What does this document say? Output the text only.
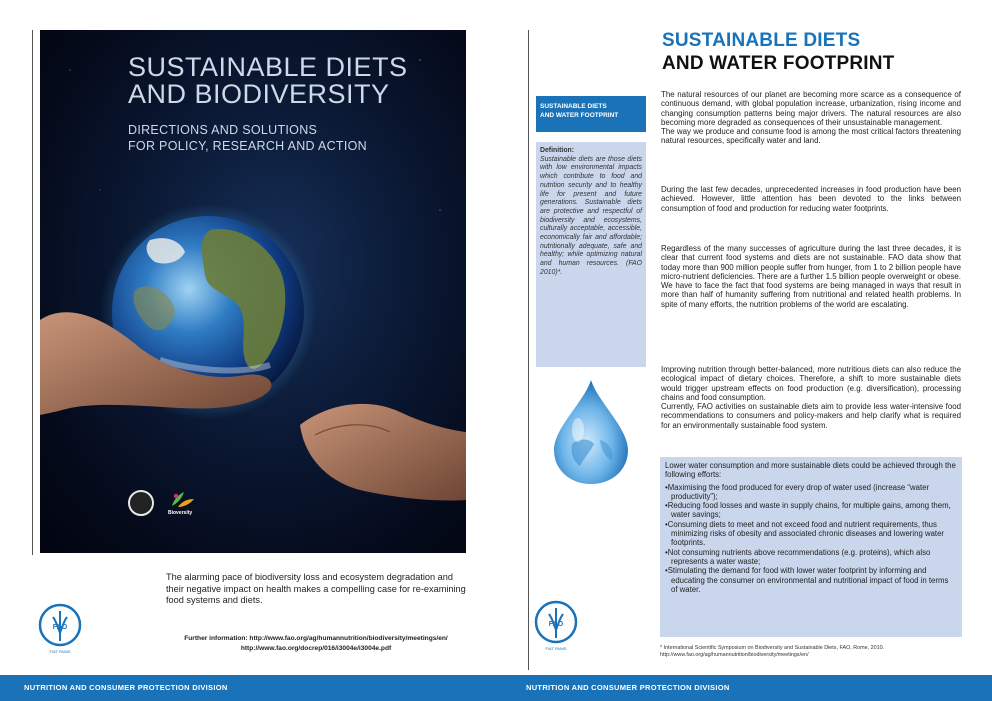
SUSTAINABLE DIETS
AND BIODIVERSITY
DIRECTIONS AND SOLUTIONS
FOR POLICY, RESEARCH AND ACTION
Bioversity
The alarming pace of biodiversity loss and ecosystem degradation and their negative impact on health makes a compelling case for re-examining food systems and diets.
FIAT PANIS
FAO
Further information: http://www.fao.org/ag/humannutrition/biodiversity/meetings/en/
http://www.fao.org/docrep/016/i3004e/i3004e.pdf
NUTRITION AND CONSUMER PROTECTION DIVISION
SUSTAINABLE DIETS
AND WATER FOOTPRINT
SUSTAINABLE DIETS
AND WATER FOOTPRINT
Definition:
Sustainable diets are those diets with low environmental impacts which contribute to food and nutrition security and to healthy life for present and future generations. Sustainable diets are protective and respectful of biodiversity and ecosystems, culturally acceptable, accessible, economically fair and affordable; nutritionally adequate, safe and healthy; while optimizing natural and human resources. (FAO 2010)*.
The natural resources of our planet are becoming more scarce as a consequence of continuous demand, with global population increase, urbanization, rising income and changing consumption patterns being major drivers. The natural resources are also becoming more degraded as consequences of their unsustainable management.
The way we produce and consume food is among the most critical factors threatening natural resources, specifically water and land.
During the last few decades, unprecedented increases in food production have been achieved. However, little attention has been devoted to the links between consumption of food and production for reducing water footprints.
Regardless of the many successes of agriculture during the last three decades, it is clear that current food systems and diets are not sustainable. FAO data show that today more than 900 million people suffer from hunger, from 1 to 2 billion people have micro-nutrient deficiencies. There are a further 1.5 billion people overweight or obese. We have to face the fact that food systems are being managed in ways that result in more than half of humanity suffering from nutritional and related health problems. In spite of many efforts, the nutrition problems of the world are escalating.
Improving nutrition through better-balanced, more nutritious diets can also reduce the ecological impact of dietary choices. Therefore, a shift to more sustainable diets would trigger upstream effects on food production (e.g. diversification), processing chains and food consumption.
Currently, FAO activities on sustainable diets aim to provide less water-intensive food recommendations to consumers and policy-makers and help clarify what is required for an environmentally sustainable food system.
Lower water consumption and more sustainable diets could be achieved through the following efforts:
• Maximising the food produced for every drop of water used (increase “water productivity”);
• Reducing food losses and waste in supply chains, for multiple gains, among them, water savings;
• Consuming diets to meet and not exceed food and nutrient requirements, thus minimizing risks of obesity and associated chronic diseases and lowering water footprints.
• Not consuming nutrients above recommendations (e.g. proteins), which also represents a water waste;
• Stimulating the demand for food with lower water footprint by informing and educating the consumer on environmental and nutritional impact of food in terms of water.
FIAT PANIS
FAO
* International Scientific Symposium on Biodiversity and Sustainable Diets, FAO, Rome, 2010.
http://www.fao.org/ag/humannutrition/biodiversity/meetings/en/
NUTRITION AND CONSUMER PROTECTION DIVISION
